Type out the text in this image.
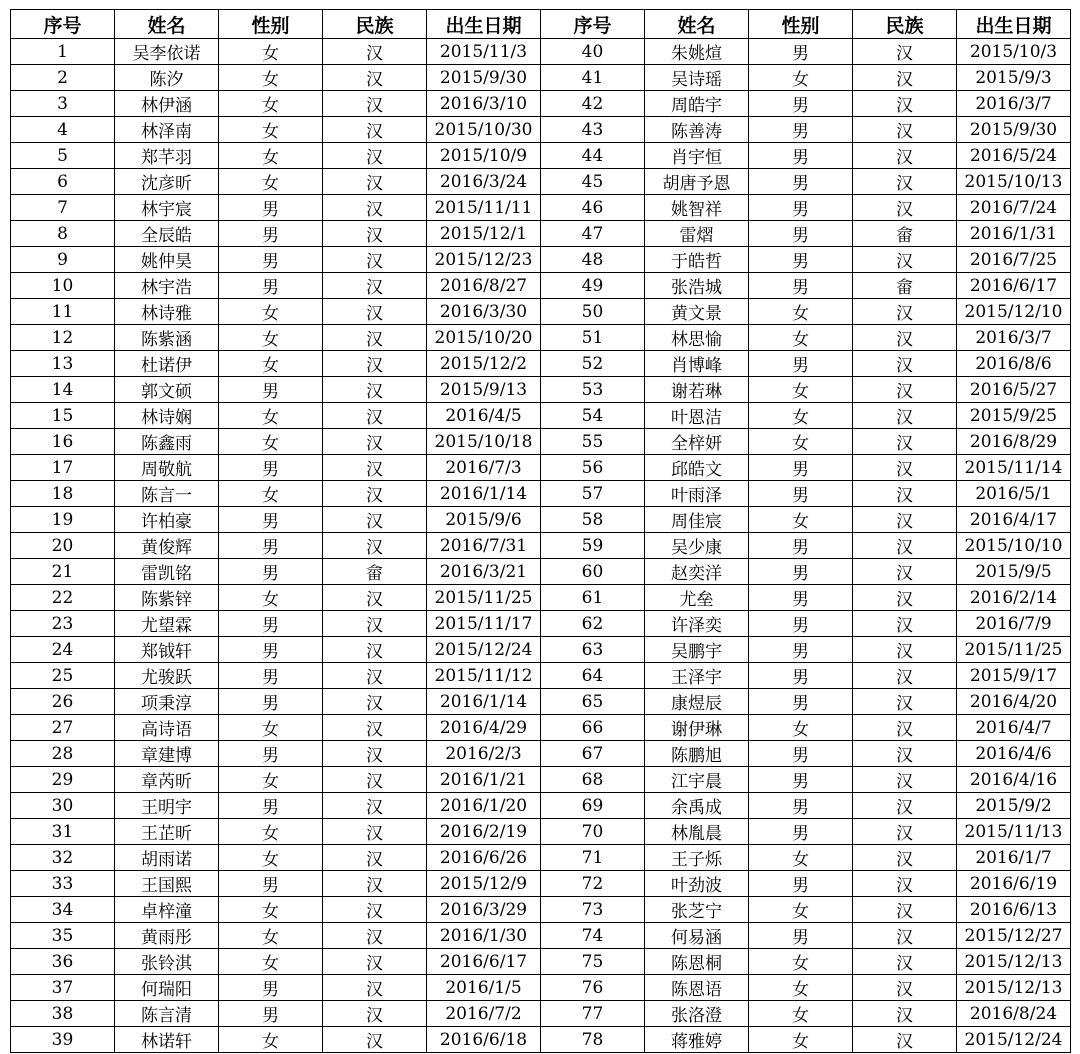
序号	姓名	性别	民族	出生日期	序号	姓名	性别	民族	出生日期
1	吴李依诺	女	汉	2015/11/3	40	朱姚煊	男	汉	2015/10/3
2	陈汐	女	汉	2015/9/30	41	吴诗瑶	女	汉	2015/9/3
3	林伊涵	女	汉	2016/3/10	42	周皓宇	男	汉	2016/3/7
4	林泽南	女	汉	2015/10/30	43	陈善涛	男	汉	2015/9/30
5	郑芊羽	女	汉	2015/10/9	44	肖宇恒	男	汉	2016/5/24
6	沈彦昕	女	汉	2016/3/24	45	胡唐予恩	男	汉	2015/10/13
7	林宇宸	男	汉	2015/11/11	46	姚智祥	男	汉	2016/7/24
8	全辰皓	男	汉	2015/12/1	47	雷熠	男	畲	2016/1/31
9	姚仲昊	男	汉	2015/12/23	48	于皓哲	男	汉	2016/7/25
10	林宇浩	男	汉	2016/8/27	49	张浩城	男	畲	2016/6/17
11	林诗雅	女	汉	2016/3/30	50	黄文景	女	汉	2015/12/10
12	陈紫涵	女	汉	2015/10/20	51	林思愉	女	汉	2016/3/7
13	杜诺伊	女	汉	2015/12/2	52	肖博峰	男	汉	2016/8/6
14	郭文硕	男	汉	2015/9/13	53	谢若琳	女	汉	2016/5/27
15	林诗娴	女	汉	2016/4/5	54	叶恩洁	女	汉	2015/9/25
16	陈鑫雨	女	汉	2015/10/18	55	全梓妍	女	汉	2016/8/29
17	周敬航	男	汉	2016/7/3	56	邱皓文	男	汉	2015/11/14
18	陈言一	女	汉	2016/1/14	57	叶雨泽	男	汉	2016/5/1
19	许柏豪	男	汉	2015/9/6	58	周佳宸	女	汉	2016/4/17
20	黄俊辉	男	汉	2016/7/31	59	吴少康	男	汉	2015/10/10
21	雷凯铭	男	畲	2016/3/21	60	赵奕洋	男	汉	2015/9/5
22	陈紫锌	女	汉	2015/11/25	61	尤垒	男	汉	2016/2/14
23	尤望霖	男	汉	2015/11/17	62	许泽奕	男	汉	2016/7/9
24	郑钺轩	男	汉	2015/12/24	63	吴鹏宇	男	汉	2015/11/25
25	尤骏跃	男	汉	2015/11/12	64	王泽宇	男	汉	2015/9/17
26	项秉淳	男	汉	2016/1/14	65	康煜辰	男	汉	2016/4/20
27	高诗语	女	汉	2016/4/29	66	谢伊琳	女	汉	2016/4/7
28	章建博	男	汉	2016/2/3	67	陈鹏旭	男	汉	2016/4/6
29	章芮昕	女	汉	2016/1/21	68	江宇晨	男	汉	2016/4/16
30	王明宇	男	汉	2016/1/20	69	余禹成	男	汉	2015/9/2
31	王芷昕	女	汉	2016/2/19	70	林胤晨	男	汉	2015/11/13
32	胡雨诺	女	汉	2016/6/26	71	王子烁	女	汉	2016/1/7
33	王国熙	男	汉	2015/12/9	72	叶劲波	男	汉	2016/6/19
34	卓梓潼	女	汉	2016/3/29	73	张芝宁	女	汉	2016/6/13
35	黄雨彤	女	汉	2016/1/30	74	何易涵	男	汉	2015/12/27
36	张铃淇	女	汉	2016/6/17	75	陈恩桐	女	汉	2015/12/13
37	何瑞阳	男	汉	2016/1/5	76	陈恩语	女	汉	2015/12/13
38	陈言清	男	汉	2016/7/2	77	张洛澄	女	汉	2016/8/24
39	林诺轩	女	汉	2016/6/18	78	蒋雅婷	女	汉	2015/12/24
